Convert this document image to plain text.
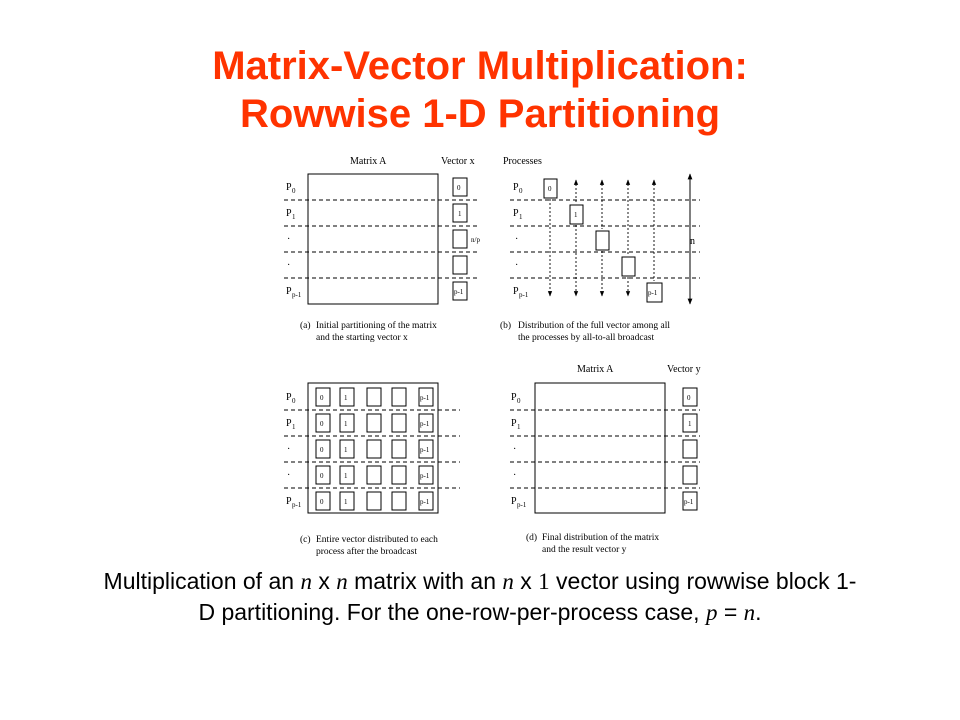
Matrix-Vector Multiplication:
Rowwise 1-D Partitioning
Matrix A	Vector x
P 0
P 1
·
·
P p-1
0
1
p-1
n/p
(a) Initial partitioning of the matrix
and the starting vector x
Processes
P 0
P 1
·
·
P p-1
0
1
p-1
n
(b) Distribution of the full vector among all
the processes by all-to-all broadcast
P 0
P 1
·
·
P p-1
0	1	p-1
0	1	p-1
0	1	p-1
0	1	p-1
0	1	p-1
(c) Entire vector distributed to each
process after the broadcast
Matrix A	Vector y
P 0
P 1
·
·
P p-1
0
1
p-1
(d) Final distribution of the matrix
and the result vector y
Multiplication of an n x n matrix with an n x 1 vector using rowwise block 1-D partitioning. For the one-row-per-process case, p = n.
